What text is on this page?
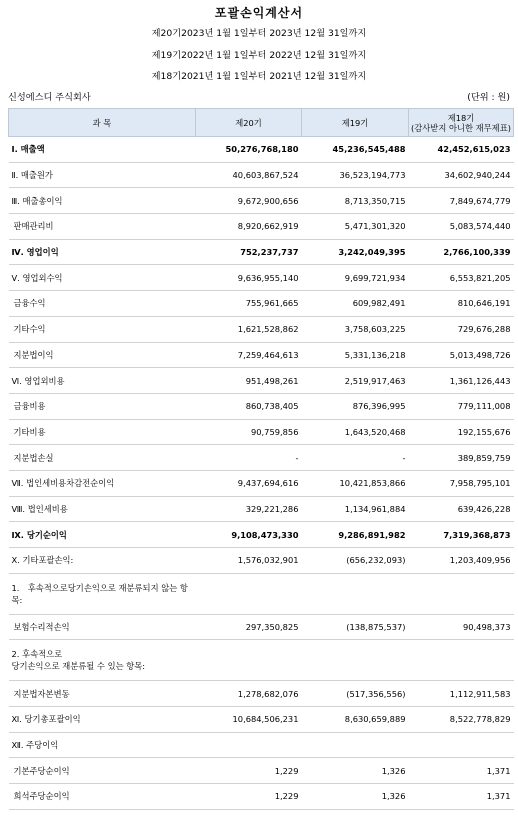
포괄손익계산서
제20기2023년 1월 1일부터 2023년 12월 31일까지
제19기2022년 1월 1일부터 2022년 12월 31일까지
제18기2021년 1월 1일부터 2021년 12월 31일까지
신성에스디 주식회사	(단위 : 원)
과 목	제20기	제19기	제18기
(감사받지 아니한 재무제표)
Ⅰ. 매출액	50,276,768,180	45,236,545,488	42,452,615,023
Ⅱ. 매출원가	40,603,867,524	36,523,194,773	34,602,940,244
Ⅲ. 매출총이익	9,672,900,656	8,713,350,715	7,849,674,779
판매관리비	8,920,662,919	5,471,301,320	5,083,574,440
Ⅳ. 영업이익	752,237,737	3,242,049,395	2,766,100,339
Ⅴ. 영업외수익	9,636,955,140	9,699,721,934	6,553,821,205
금융수익	755,961,665	609,982,491	810,646,191
기타수익	1,621,528,862	3,758,603,225	729,676,288
지분법이익	7,259,464,613	5,331,136,218	5,013,498,726
Ⅵ. 영업외비용	951,498,261	2,519,917,463	1,361,126,443
금융비용	860,738,405	876,396,995	779,111,008
기타비용	90,759,856	1,643,520,468	192,155,676
지분법손실	-	-	389,859,759
Ⅶ. 법인세비용차감전순이익	9,437,694,616	10,421,853,866	7,958,795,101
Ⅷ. 법인세비용	329,221,286	1,134,961,884	639,426,228
Ⅸ. 당기순이익	9,108,473,330	9,286,891,982	7,319,368,873
Ⅹ. 기타포괄손익:	1,576,032,901	(656,232,093)	1,203,409,956
1.　후속적으로당기손익으로 재분류되지 않는 항목:			
보험수리적손익	297,350,825	(138,875,537)	90,498,373
2. 후속적으로
당기손익으로 재분류될 수 있는 항목:			
지분법자본변동	1,278,682,076	(517,356,556)	1,112,911,583
Ⅺ. 당기총포괄이익	10,684,506,231	8,630,659,889	8,522,778,829
Ⅻ. 주당이익			
기본주당순이익	1,229	1,326	1,371
희석주당순이익	1,229	1,326	1,371
